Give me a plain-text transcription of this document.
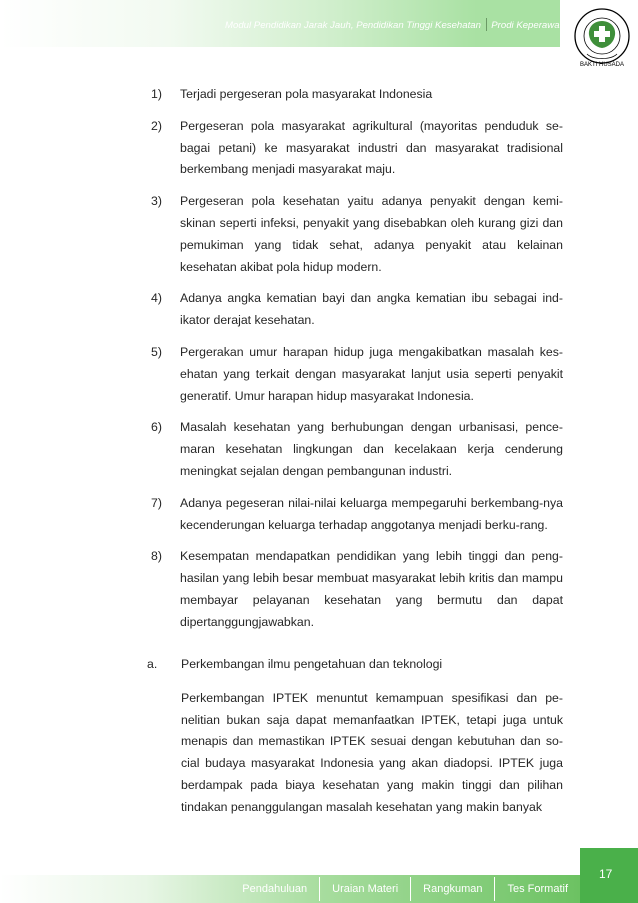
Modul Pendidikan Jarak Jauh, Pendidikan Tinggi Kesehatan Prodi Keperawatan
BAKTI HUSADA
1) Terjadi pergeseran pola masyarakat Indonesia
2) Pergeseran pola masyarakat agrikultural (mayoritas penduduk se-bagai petani) ke masyarakat industri dan masyarakat tradisional berkembang menjadi masyarakat maju.
3) Pergeseran pola kesehatan yaitu adanya penyakit dengan kemi-skinan seperti infeksi, penyakit yang disebabkan oleh kurang gizi dan pemukiman yang tidak sehat, adanya penyakit atau kelainan kesehatan akibat pola hidup modern.
4) Adanya angka kematian bayi dan angka kematian ibu sebagai ind-ikator derajat kesehatan.
5) Pergerakan umur harapan hidup juga mengakibatkan masalah kes-ehatan yang terkait dengan masyarakat lanjut usia seperti penyakit generatif. Umur harapan hidup masyarakat Indonesia.
6) Masalah kesehatan yang berhubungan dengan urbanisasi, pence-maran kesehatan lingkungan dan kecelakaan kerja cenderung meningkat sejalan dengan pembangunan industri.
7) Adanya pegeseran nilai-nilai keluarga mempegaruhi berkembang-nya kecenderungan keluarga terhadap anggotanya menjadi berku-rang.
8) Kesempatan mendapatkan pendidikan yang lebih tinggi dan peng-hasilan yang lebih besar membuat masyarakat lebih kritis dan mampu membayar pelayanan kesehatan yang bermutu dan dapat dipertanggungjawabkan.
a.	Perkembangan ilmu pengetahuan dan teknologi
Perkembangan IPTEK menuntut kemampuan spesifikasi dan pe-nelitian bukan saja dapat memanfaatkan IPTEK, tetapi juga untuk menapis dan memastikan IPTEK sesuai dengan kebutuhan dan so-cial budaya masyarakat Indonesia yang akan diadopsi. IPTEK juga berdampak pada biaya kesehatan yang makin tinggi dan pilihan tindakan penanggulangan masalah kesehatan yang makin banyak
Pendahuluan	Uraian Materi	Rangkuman	Tes Formatif
17
